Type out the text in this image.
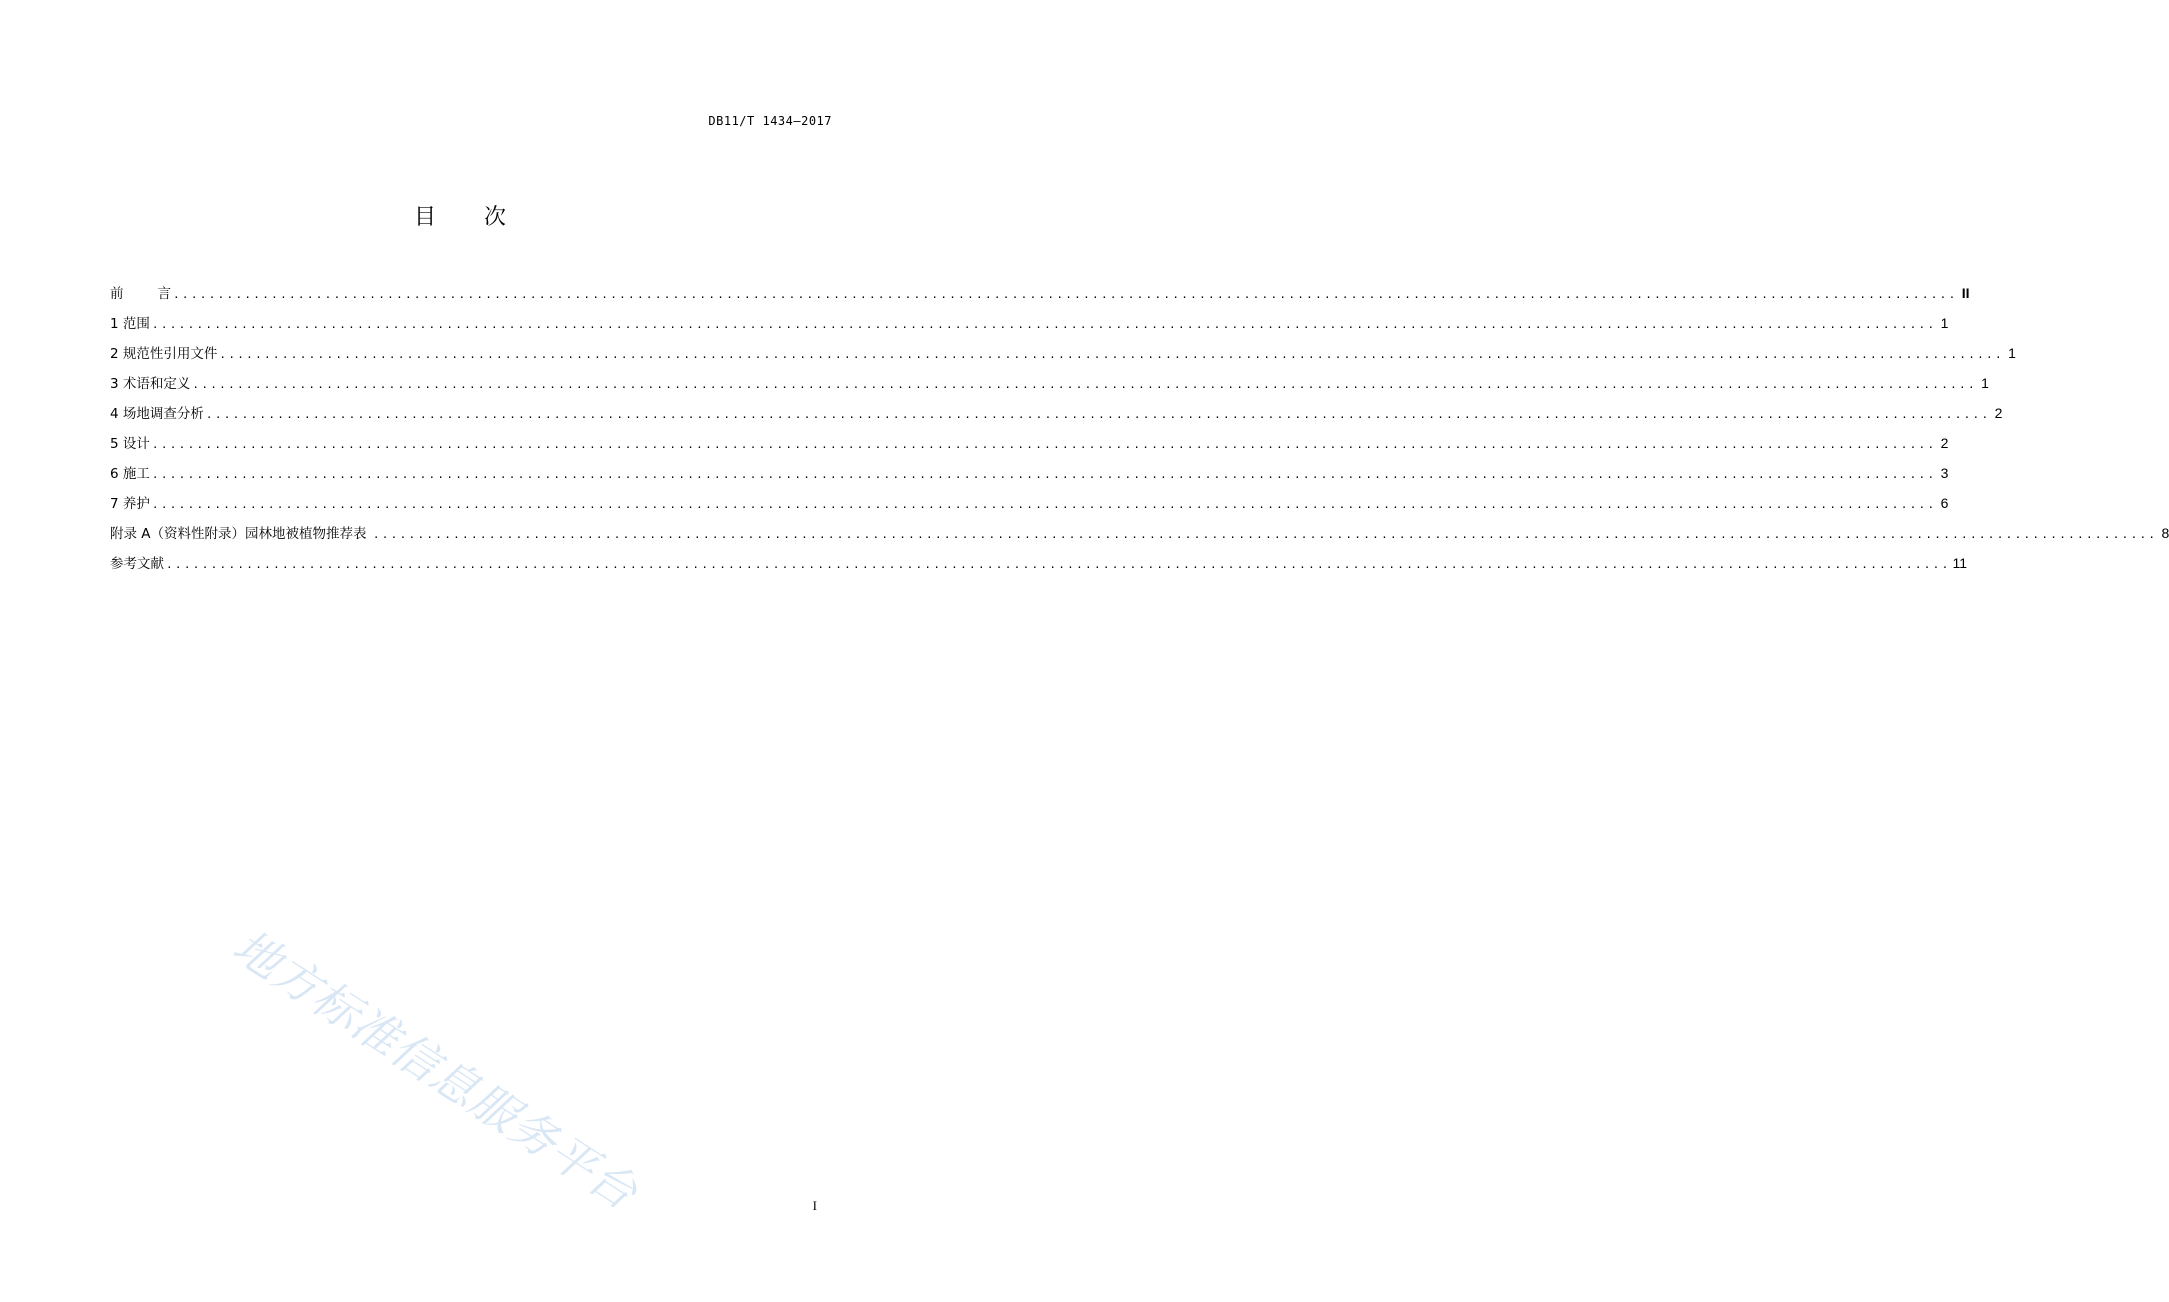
DB11/T 1434—2017
目 次
前	言 ........................................................................................................................................................................................................ II
1 范围 ........................................................................................................................................................................................................ 1
2 规范性引用文件 ........................................................................................................................................................................................................ 1
3 术语和定义 ........................................................................................................................................................................................................ 1
4 场地调查分析 ........................................................................................................................................................................................................ 2
5 设计 ........................................................................................................................................................................................................ 2
6 施工 ........................................................................................................................................................................................................ 3
7 养护 ........................................................................................................................................................................................................ 6
附录 A（资料性附录）园林地被植物推荐表 ........................................................................................................................................................................................................ 8
参考文献 ........................................................................................................................................................................................................ 11
地方标准信息服务平台	I
